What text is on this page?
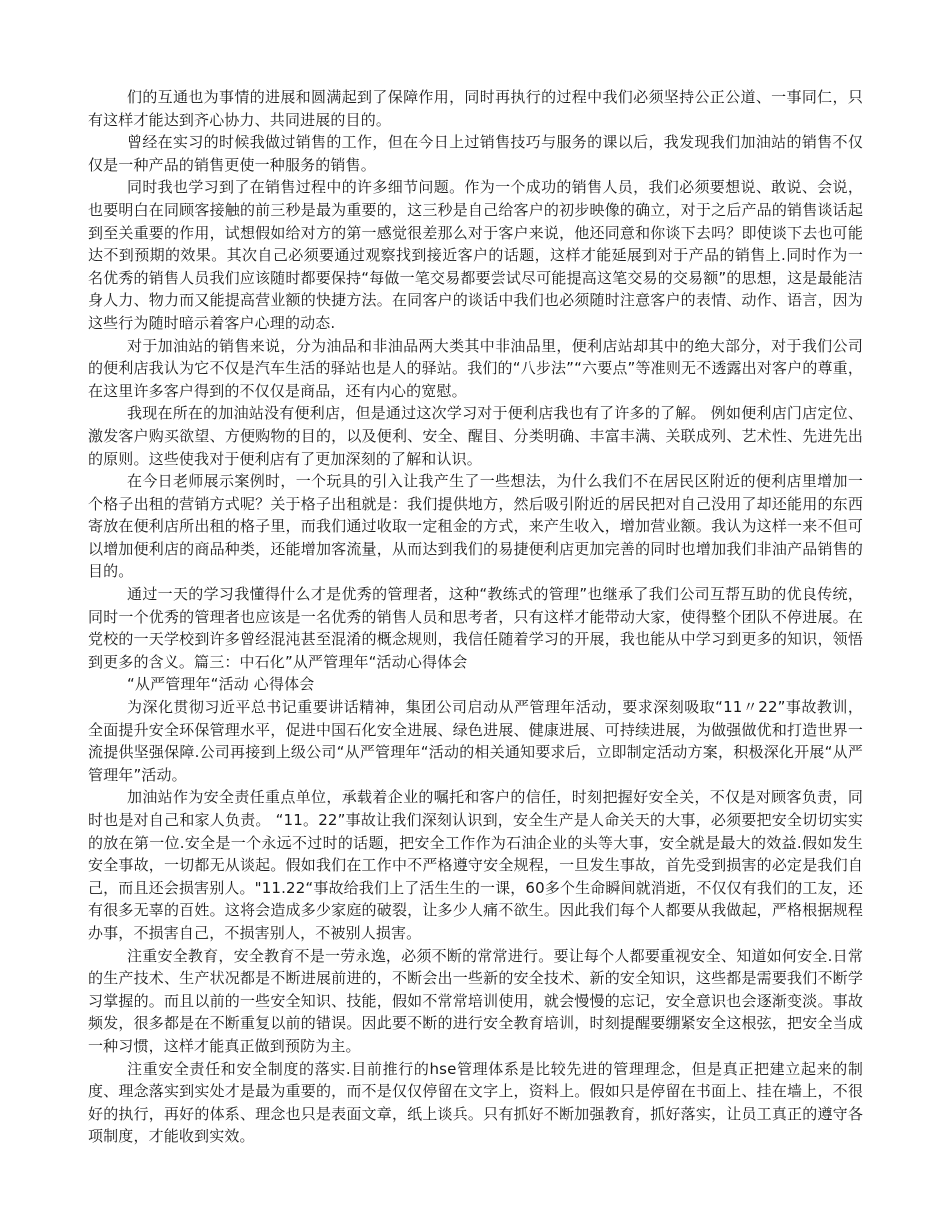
们的互通也为事情的进展和圆满起到了保障作用，同时再执行的过程中我们必须坚持公正公道、一事同仁，只有这样才能达到齐心协力、共同进展的目的。

曾经在实习的时候我做过销售的工作，但在今日上过销售技巧与服务的课以后，我发现我们加油站的销售不仅仅是一种产品的销售更使一种服务的销售。

同时我也学习到了在销售过程中的许多细节问题。作为一个成功的销售人员，我们必须要想说、敢说、会说，也要明白在同顾客接触的前三秒是最为重要的，这三秒是自己给客户的初步映像的确立，对于之后产品的销售谈话起到至关重要的作用，试想假如给对方的第一感觉很差那么对于客户来说，他还同意和你谈下去吗？即使谈下去也可能达不到预期的效果。其次自己必须要通过观察找到接近客户的话题，这样才能延展到对于产品的销售上.同时作为一名优秀的销售人员我们应该随时都要保持“每做一笔交易都要尝试尽可能提高这笔交易的交易额”的思想，这是最能洁身人力、物力而又能提高营业额的快捷方法。在同客户的谈话中我们也必须随时注意客户的表情、动作、语言，因为这些行为随时暗示着客户心理的动态.

对于加油站的销售来说，分为油品和非油品两大类其中非油品里，便利店站却其中的绝大部分，对于我们公司的便利店我认为它不仅是汽车生活的驿站也是人的驿站。我们的“八步法”“六要点”等准则无不透露出对客户的尊重，在这里许多客户得到的不仅仅是商品，还有内心的宽慰。

我现在所在的加油站没有便利店，但是通过这次学习对于便利店我也有了许多的了解。 例如便利店门店定位、激发客户购买欲望、方便购物的目的，以及便利、安全、醒目、分类明确、丰富丰满、关联成列、艺术性、先进先出的原则。这些使我对于便利店有了更加深刻的了解和认识。

在今日老师展示案例时，一个玩具的引入让我产生了一些想法，为什么我们不在居民区附近的便利店里增加一个格子出租的营销方式呢？关于格子出租就是：我们提供地方，然后吸引附近的居民把对自己没用了却还能用的东西寄放在便利店所出租的格子里，而我们通过收取一定租金的方式，来产生收入，增加营业额。我认为这样一来不但可以增加便利店的商品种类，还能增加客流量，从而达到我们的易捷便利店更加完善的同时也增加我们非油产品销售的目的。

通过一天的学习我懂得什么才是优秀的管理者，这种“教练式的管理”也继承了我们公司互帮互助的优良传统，同时一个优秀的管理者也应该是一名优秀的销售人员和思考者，只有这样才能带动大家，使得整个团队不停进展。在党校的一天学校到许多曾经混沌甚至混淆的概念规则，我信任随着学习的开展，我也能从中学习到更多的知识，领悟到更多的含义。篇三：中石化”从严管理年“活动心得体会

“从严管理年“活动 心得体会

为深化贯彻习近平总书记重要讲话精神，集团公司启动从严管理年活动，要求深刻吸取“11〃22”事故教训，全面提升安全环保管理水平，促进中国石化安全进展、绿色进展、健康进展、可持续进展，为做强做优和打造世界一流提供坚强保障.公司再接到上级公司“从严管理年“活动的相关通知要求后，立即制定活动方案，积极深化开展“从严管理年”活动。

加油站作为安全责任重点单位，承载着企业的嘱托和客户的信任，时刻把握好安全关，不仅是对顾客负责，同时也是对自己和家人负责。 “11。22”事故让我们深刻认识到，安全生产是人命关天的大事，必须要把安全切切实实的放在第一位.安全是一个永远不过时的话题，把安全工作作为石油企业的头等大事，安全就是最大的效益.假如发生安全事故，一切都无从谈起。假如我们在工作中不严格遵守安全规程，一旦发生事故，首先受到损害的必定是我们自己，而且还会损害别人。"11.22“事故给我们上了活生生的一课，60多个生命瞬间就消逝，不仅仅有我们的工友，还有很多无辜的百姓。这将会造成多少家庭的破裂，让多少人痛不欲生。因此我们每个人都要从我做起，严格根据规程办事，不损害自己，不损害别人，不被别人损害。

注重安全教育，安全教育不是一劳永逸，必须不断的常常进行。要让每个人都要重视安全、知道如何安全.日常的生产技术、生产状况都是不断进展前进的，不断会出一些新的安全技术、新的安全知识，这些都是需要我们不断学习掌握的。而且以前的一些安全知识、技能，假如不常常培训使用，就会慢慢的忘记，安全意识也会逐渐变淡。事故频发，很多都是在不断重复以前的错误。因此要不断的进行安全教育培训，时刻提醒要绷紧安全这根弦，把安全当成一种习惯，这样才能真正做到预防为主。

注重安全责任和安全制度的落实.目前推行的hse管理体系是比较先进的管理理念，但是真正把建立起来的制度、理念落实到实处才是最为重要的，而不是仅仅停留在文字上，资料上。假如只是停留在书面上、挂在墙上，不很好的执行，再好的体系、理念也只是表面文章，纸上谈兵。只有抓好不断加强教育，抓好落实，让员工真正的遵守各项制度，才能收到实效。
